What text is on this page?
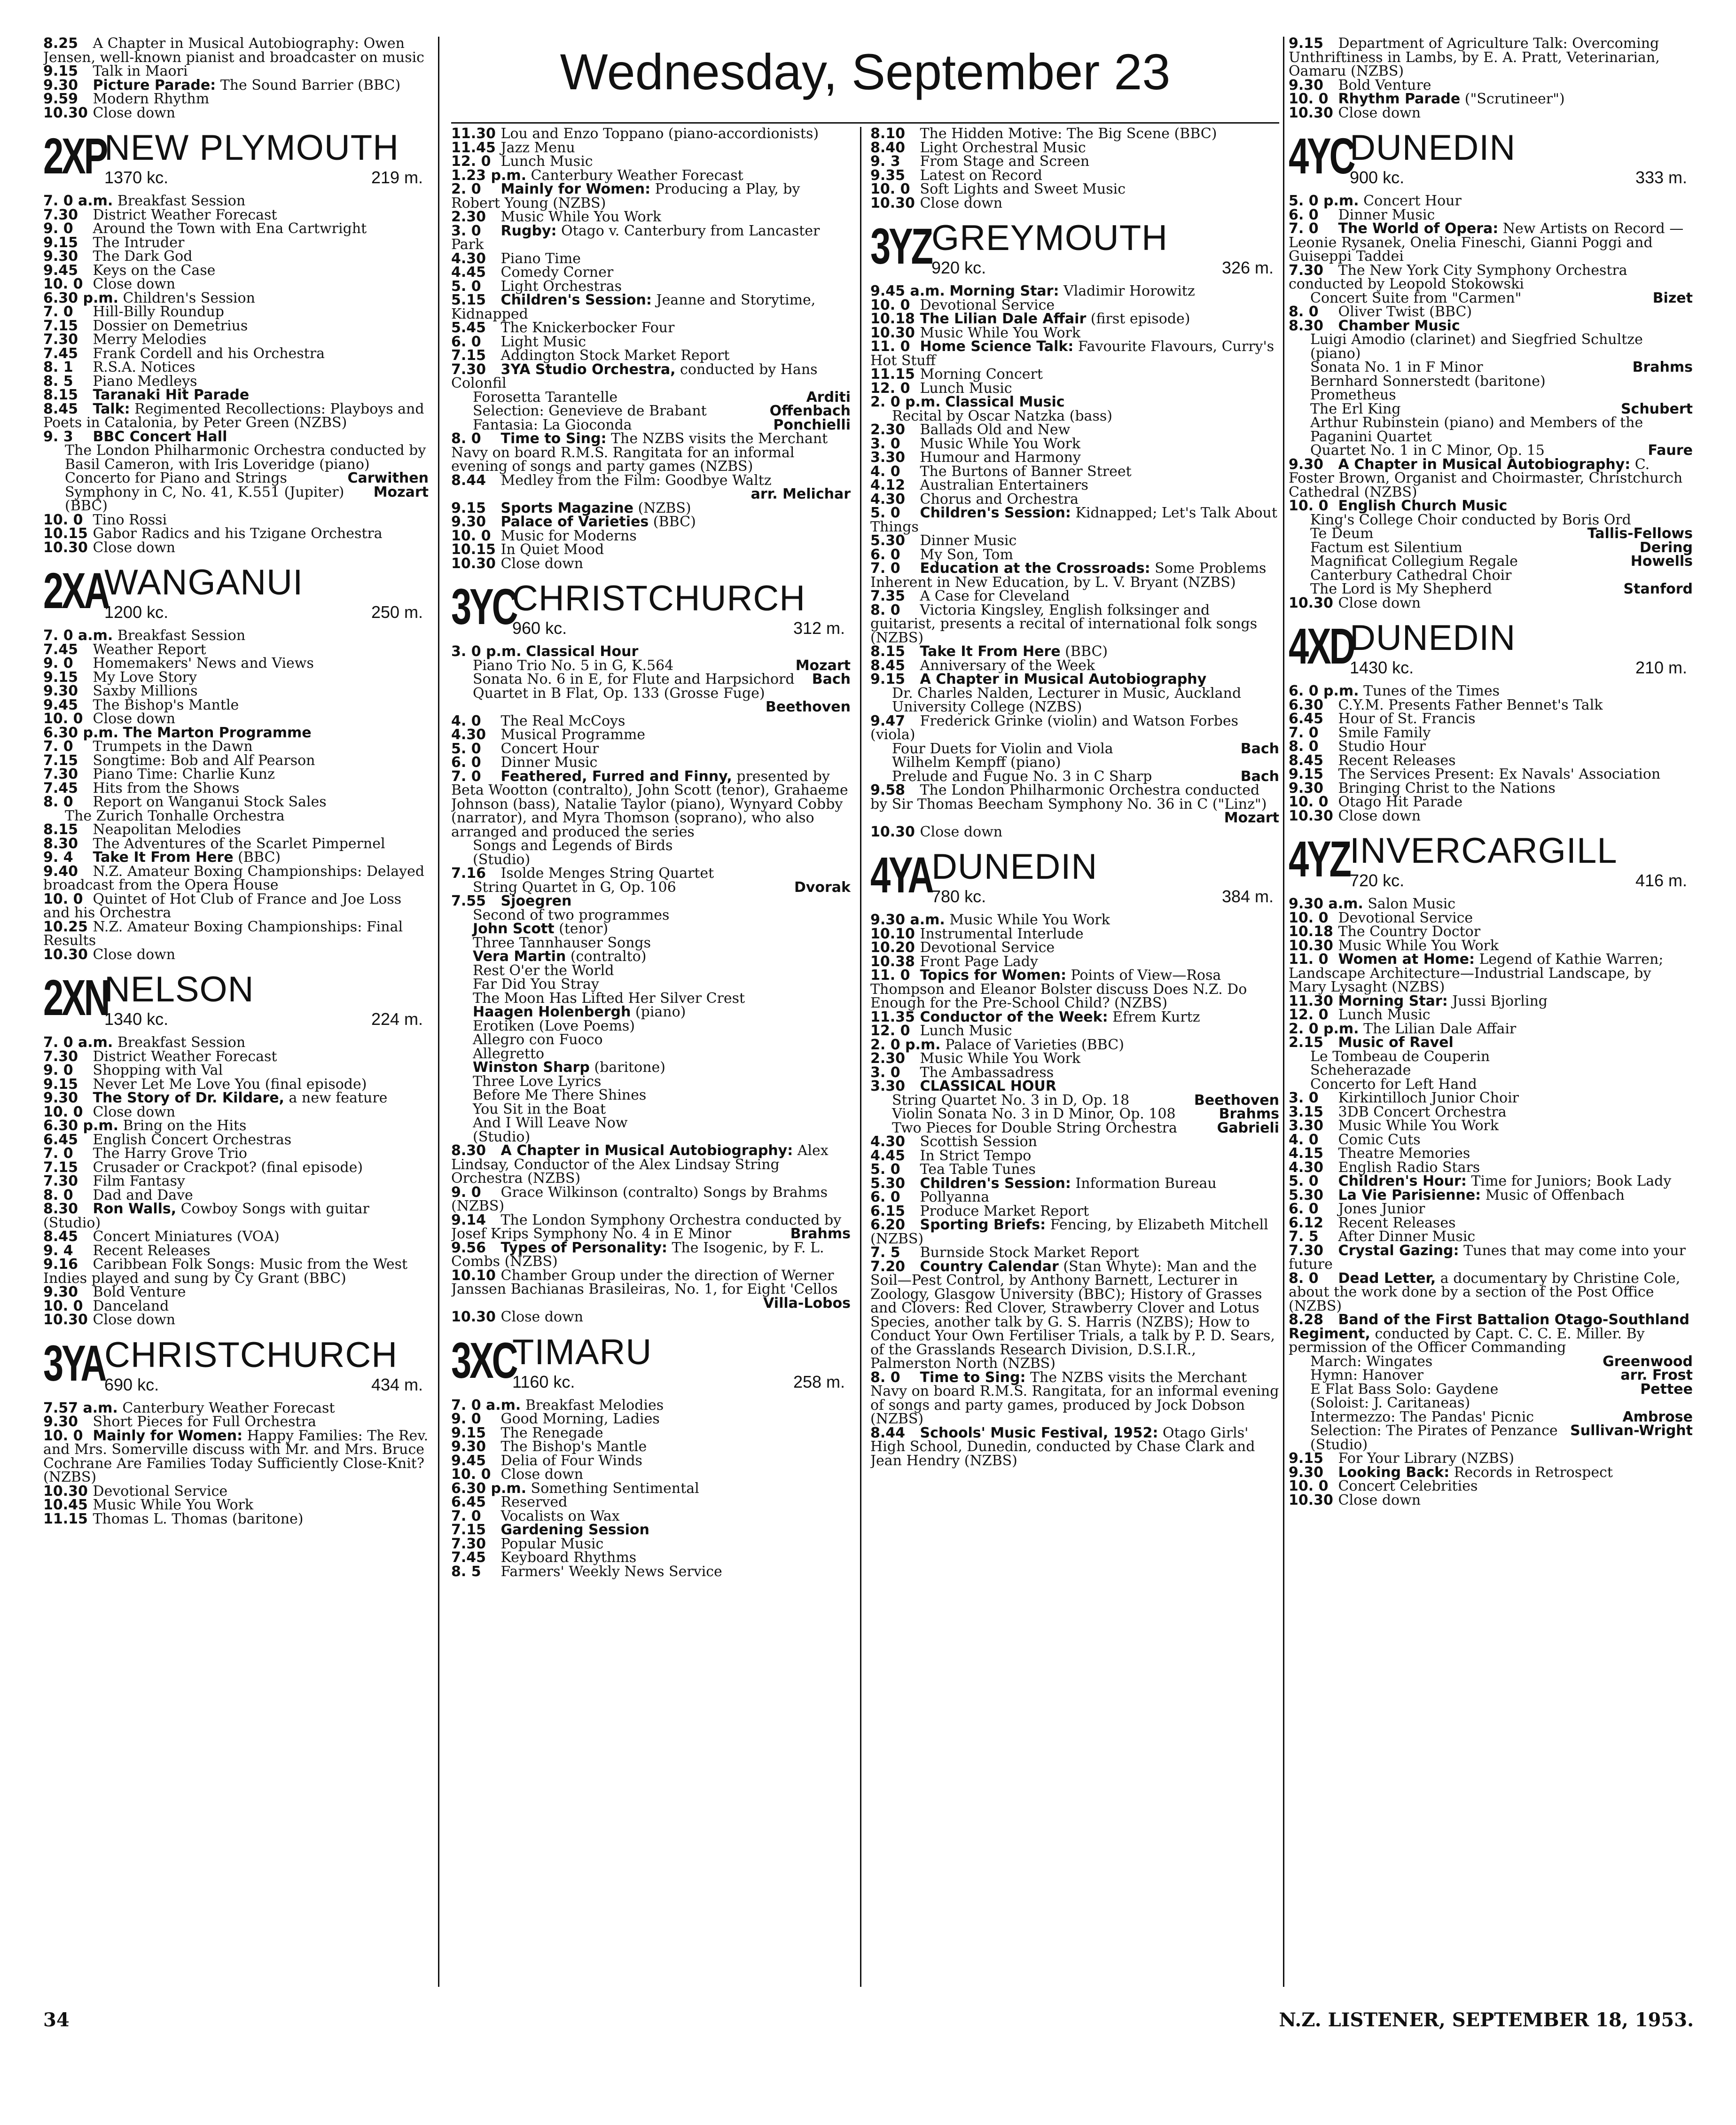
Wednesday, September 23
8.25 A Chapter in Musical Autobiography: Owen Jensen, well-known pianist and broadcaster on music
9.15 Talk in Maori
9.30 Picture Parade: The Sound Barrier (BBC)
9.59 Modern Rhythm
10.30 Close down
2XP
NEW PLYMOUTH
1370 kc.	219 m.
7. 0 a.m. Breakfast Session
7.30 District Weather Forecast
9. 0 Around the Town with Ena Cartwright
9.15 The Intruder
9.30 The Dark God
9.45 Keys on the Case
10. 0 Close down
6.30 p.m. Children's Session
7. 0 Hill-Billy Roundup
7.15 Dossier on Demetrius
7.30 Merry Melodies
7.45 Frank Cordell and his Orchestra
8. 1 R.S.A. Notices
8. 5 Piano Medleys
8.15 Taranaki Hit Parade
8.45 Talk: Regimented Recollections: Playboys and Poets in Catalonia, by Peter Green (NZBS)
9. 3 BBC Concert Hall
The London Philharmonic Orchestra conducted by Basil Cameron, with Iris Loveridge (piano)
Concerto for Piano and Strings	Carwithen
Symphony in C, No. 41, K.551 (Jupiter)	Mozart
(BBC)
10. 0 Tino Rossi
10.15 Gabor Radics and his Tzigane Orchestra
10.30 Close down
2XA
WANGANUI
1200 kc.	250 m.
7. 0 a.m. Breakfast Session
7.45 Weather Report
9. 0 Homemakers' News and Views
9.15 My Love Story
9.30 Saxby Millions
9.45 The Bishop's Mantle
10. 0 Close down
6.30 p.m. The Marton Programme
7. 0 Trumpets in the Dawn
7.15 Songtime: Bob and Alf Pearson
7.30 Piano Time: Charlie Kunz
7.45 Hits from the Shows
8. 0 Report on Wanganui Stock Sales
The Zurich Tonhalle Orchestra
8.15 Neapolitan Melodies
8.30 The Adventures of the Scarlet Pimpernel
9. 4 Take It From Here (BBC)
9.40 N.Z. Amateur Boxing Championships: Delayed broadcast from the Opera House
10. 0 Quintet of Hot Club of France and Joe Loss and his Orchestra
10.25 N.Z. Amateur Boxing Championships: Final Results
10.30 Close down
2XN
NELSON
1340 kc.	224 m.
7. 0 a.m. Breakfast Session
7.30 District Weather Forecast
9. 0 Shopping with Val
9.15 Never Let Me Love You (final episode)
9.30 The Story of Dr. Kildare, a new feature
10. 0 Close down
6.30 p.m. Bring on the Hits
6.45 English Concert Orchestras
7. 0 The Harry Grove Trio
7.15 Crusader or Crackpot? (final episode)
7.30 Film Fantasy
8. 0 Dad and Dave
8.30 Ron Walls, Cowboy Songs with guitar (Studio)
8.45 Concert Miniatures (VOA)
9. 4 Recent Releases
9.16 Caribbean Folk Songs: Music from the West Indies played and sung by Cy Grant (BBC)
9.30 Bold Venture
10. 0 Danceland
10.30 Close down
3YA
CHRISTCHURCH
690 kc.	434 m.
7.57 a.m. Canterbury Weather Forecast
9.30 Short Pieces for Full Orchestra
10. 0 Mainly for Women: Happy Families: The Rev. and Mrs. Somerville discuss with Mr. and Mrs. Bruce Cochrane Are Families Today Sufficiently Close-Knit? (NZBS)
10.30 Devotional Service
10.45 Music While You Work
11.15 Thomas L. Thomas (baritone)
11.30 Lou and Enzo Toppano (piano-accordionists)
11.45 Jazz Menu
12. 0 Lunch Music
1.23 p.m. Canterbury Weather Forecast
2. 0 Mainly for Women: Producing a Play, by Robert Young (NZBS)
2.30 Music While You Work
3. 0 Rugby: Otago v. Canterbury from Lancaster Park
4.30 Piano Time
4.45 Comedy Corner
5. 0 Light Orchestras
5.15 Children's Session: Jeanne and Storytime, Kidnapped
5.45 The Knickerbocker Four
6. 0 Light Music
7.15 Addington Stock Market Report
7.30 3YA Studio Orchestra, conducted by Hans Colonfil
Forosetta Tarantelle	Arditi
Selection: Genevieve de Brabant	Offenbach
Fantasia: La Gioconda	Ponchielli
8. 0 Time to Sing: The NZBS visits the Merchant Navy on board R.M.S. Rangitata for an informal evening of songs and party games (NZBS)
8.44 Medley from the Film: Goodbye Waltz
arr. Melichar
9.15 Sports Magazine (NZBS)
9.30 Palace of Varieties (BBC)
10. 0 Music for Moderns
10.15 In Quiet Mood
10.30 Close down
3YC
CHRISTCHURCH
960 kc.	312 m.
3. 0 p.m. Classical Hour
Piano Trio No. 5 in G, K.564	Mozart
Sonata No. 6 in E, for Flute and Harpsichord	Bach
Quartet in B Flat, Op. 133 (Grosse Fuge)
Beethoven
4. 0 The Real McCoys
4.30 Musical Programme
5. 0 Concert Hour
6. 0 Dinner Music
7. 0 Feathered, Furred and Finny, presented by Beta Wootton (contralto), John Scott (tenor), Grahaeme Johnson (bass), Natalie Taylor (piano), Wynyard Cobby (narrator), and Myra Thomson (soprano), who also arranged and produced the series
Songs and Legends of Birds
(Studio)
7.16 Isolde Menges String Quartet
String Quartet in G, Op. 106	Dvorak
7.55 Sjoegren
Second of two programmes
John Scott (tenor)
Three Tannhauser Songs
Vera Martin (contralto)
Rest O'er the World
Far Did You Stray
The Moon Has Lifted Her Silver Crest
Haagen Holenbergh (piano)
Erotiken (Love Poems)
Allegro con Fuoco
Allegretto
Winston Sharp (baritone)
Three Love Lyrics
Before Me There Shines
You Sit in the Boat
And I Will Leave Now
(Studio)
8.30 A Chapter in Musical Autobiography: Alex Lindsay, Conductor of the Alex Lindsay String Orchestra (NZBS)
9. 0 Grace Wilkinson (contralto) Songs by Brahms (NZBS)
9.14 The London Symphony Orchestra conducted by Josef Krips Symphony No. 4 in E Minor	Brahms
9.56 Types of Personality: The Isogenic, by F. L. Combs (NZBS)
10.10 Chamber Group under the direction of Werner Janssen Bachianas Brasileiras, No. 1, for Eight 'Cellos
Villa-Lobos
10.30 Close down
3XC
TIMARU
1160 kc.	258 m.
7. 0 a.m. Breakfast Melodies
9. 0 Good Morning, Ladies
9.15 The Renegade
9.30 The Bishop's Mantle
9.45 Delia of Four Winds
10. 0 Close down
6.30 p.m. Something Sentimental
6.45 Reserved
7. 0 Vocalists on Wax
7.15 Gardening Session
7.30 Popular Music
7.45 Keyboard Rhythms
8. 5 Farmers' Weekly News Service
8.10 The Hidden Motive: The Big Scene (BBC)
8.40 Light Orchestral Music
9. 3 From Stage and Screen
9.35 Latest on Record
10. 0 Soft Lights and Sweet Music
10.30 Close down
3YZ GREYMOUTH
920 kc.	326 m.
9.45 a.m. Morning Star: Vladimir Horowitz
10. 0 Devotional Service
10.18 The Lilian Dale Affair (first episode)
10.30 Music While You Work
11. 0 Home Science Talk: Favourite Flavours, Curry's Hot Stuff
11.15 Morning Concert
12. 0 Lunch Music
2. 0 p.m. Classical Music
Recital by Oscar Natzka (bass)
2.30 Ballads Old and New
3. 0 Music While You Work
3.30 Humour and Harmony
4. 0 The Burtons of Banner Street
4.12 Australian Entertainers
4.30 Chorus and Orchestra
5. 0 Children's Session: Kidnapped; Let's Talk About Things
5.30 Dinner Music
6. 0 My Son, Tom
7. 0 Education at the Crossroads: Some Problems Inherent in New Education, by L. V. Bryant (NZBS)
7.35 A Case for Cleveland
8. 0 Victoria Kingsley, English folksinger and guitarist, presents a recital of international folk songs (NZBS)
8.15 Take It From Here (BBC)
8.45 Anniversary of the Week
9.15 A Chapter in Musical Autobiography
Dr. Charles Nalden, Lecturer in Music, Auckland University College (NZBS)
9.47 Frederick Grinke (violin) and Watson Forbes (viola)
Four Duets for Violin and Viola	Bach
Wilhelm Kempff (piano)
Prelude and Fugue No. 3 in C Sharp	Bach
9.58 The London Philharmonic Orchestra conducted by Sir Thomas Beecham Symphony No. 36 in C ("Linz")
Mozart
10.30 Close down
4YA
DUNEDIN
780 kc.	384 m.
9.30 a.m. Music While You Work
10.10 Instrumental Interlude
10.20 Devotional Service
10.38 Front Page Lady
11. 0 Topics for Women: Points of View—Rosa Thompson and Eleanor Bolster discuss Does N.Z. Do Enough for the Pre-School Child? (NZBS)
11.35 Conductor of the Week: Efrem Kurtz
12. 0 Lunch Music
2. 0 p.m. Palace of Varieties (BBC)
2.30 Music While You Work
3. 0 The Ambassadress
3.30 CLASSICAL HOUR
String Quartet No. 3 in D, Op. 18	Beethoven
Violin Sonata No. 3 in D Minor, Op. 108	Brahms
Two Pieces for Double String Orchestra	Gabrieli
4.30 Scottish Session
4.45 In Strict Tempo
5. 0 Tea Table Tunes
5.30 Children's Session: Information Bureau
6. 0 Pollyanna
6.15 Produce Market Report
6.20 Sporting Briefs: Fencing, by Elizabeth Mitchell (NZBS)
7. 5 Burnside Stock Market Report
7.20 Country Calendar (Stan Whyte): Man and the Soil—Pest Control, by Anthony Barnett, Lecturer in Zoology, Glasgow University (BBC); History of Grasses and Clovers: Red Clover, Strawberry Clover and Lotus Species, another talk by G. S. Harris (NZBS); How to Conduct Your Own Fertiliser Trials, a talk by P. D. Sears, of the Grasslands Research Division, D.S.I.R., Palmerston North (NZBS)
8. 0 Time to Sing: The NZBS visits the Merchant Navy on board R.M.S. Rangitata, for an informal evening of songs and party games, produced by Jock Dobson (NZBS)
8.44 Schools' Music Festival, 1952: Otago Girls' High School, Dunedin, conducted by Chase Clark and Jean Hendry (NZBS)
9.15 Department of Agriculture Talk: Overcoming Unthriftiness in Lambs, by E. A. Pratt, Veterinarian, Oamaru (NZBS)
9.30 Bold Venture
10. 0 Rhythm Parade ("Scrutineer")
10.30 Close down
4YC
DUNEDIN
900 kc.	333 m.
5. 0 p.m. Concert Hour
6. 0 Dinner Music
7. 0 The World of Opera: New Artists on Record — Leonie Rysanek, Onelia Fineschi, Gianni Poggi and Guiseppi Taddei
7.30 The New York City Symphony Orchestra conducted by Leopold Stokowski
Concert Suite from "Carmen"	Bizet
8. 0 Oliver Twist (BBC)
8.30 Chamber Music
Luigi Amodio (clarinet) and Siegfried Schultze (piano)
Sonata No. 1 in F Minor	Brahms
Bernhard Sonnerstedt (baritone)
Prometheus
The Erl King	Schubert
Arthur Rubinstein (piano) and Members of the Paganini Quartet
Quartet No. 1 in C Minor, Op. 15	Faure
9.30 A Chapter in Musical Autobiography: C. Foster Brown, Organist and Choirmaster, Christchurch Cathedral (NZBS)
10. 0 English Church Music
King's College Choir conducted by Boris Ord
Te Deum	Tallis-Fellows
Factum est Silentium	Dering
Magnificat Collegium Regale	Howells
Canterbury Cathedral Choir
The Lord is My Shepherd	Stanford
10.30 Close down
4XD
DUNEDIN
1430 kc.	210 m.
6. 0 p.m. Tunes of the Times
6.30 C.Y.M. Presents Father Bennet's Talk
6.45 Hour of St. Francis
7. 0 Smile Family
8. 0 Studio Hour
8.45 Recent Releases
9.15 The Services Present: Ex Navals' Association
9.30 Bringing Christ to the Nations
10. 0 Otago Hit Parade
10.30 Close down
4YZ INVERCARGILL
720 kc.	416 m.
9.30 a.m. Salon Music
10. 0 Devotional Service
10.18 The Country Doctor
10.30 Music While You Work
11. 0 Women at Home: Legend of Kathie Warren; Landscape Architecture—Industrial Landscape, by Mary Lysaght (NZBS)
11.30 Morning Star: Jussi Bjorling
12. 0 Lunch Music
2. 0 p.m. The Lilian Dale Affair
2.15 Music of Ravel
Le Tombeau de Couperin
Scheherazade
Concerto for Left Hand
3. 0 Kirkintilloch Junior Choir
3.15 3DB Concert Orchestra
3.30 Music While You Work
4. 0 Comic Cuts
4.15 Theatre Memories
4.30 English Radio Stars
5. 0 Children's Hour: Time for Juniors; Book Lady
5.30 La Vie Parisienne: Music of Offenbach
6. 0 Jones Junior
6.12 Recent Releases
7. 5 After Dinner Music
7.30 Crystal Gazing: Tunes that may come into your future
8. 0 Dead Letter, a documentary by Christine Cole, about the work done by a section of the Post Office (NZBS)
8.28 Band of the First Battalion Otago-Southland Regiment, conducted by Capt. C. C. E. Miller. By permission of the Officer Commanding
March: Wingates	Greenwood
Hymn: Hanover	arr. Frost
E Flat Bass Solo: Gaydene	Pettee
(Soloist: J. Caritaneas)
Intermezzo: The Pandas' Picnic	Ambrose
Selection: The Pirates of Penzance Sullivan-Wright
(Studio)
9.15 For Your Library (NZBS)
9.30 Looking Back: Records in Retrospect
10. 0 Concert Celebrities
10.30 Close down
34	N.Z. LISTENER, SEPTEMBER 18, 1953.
